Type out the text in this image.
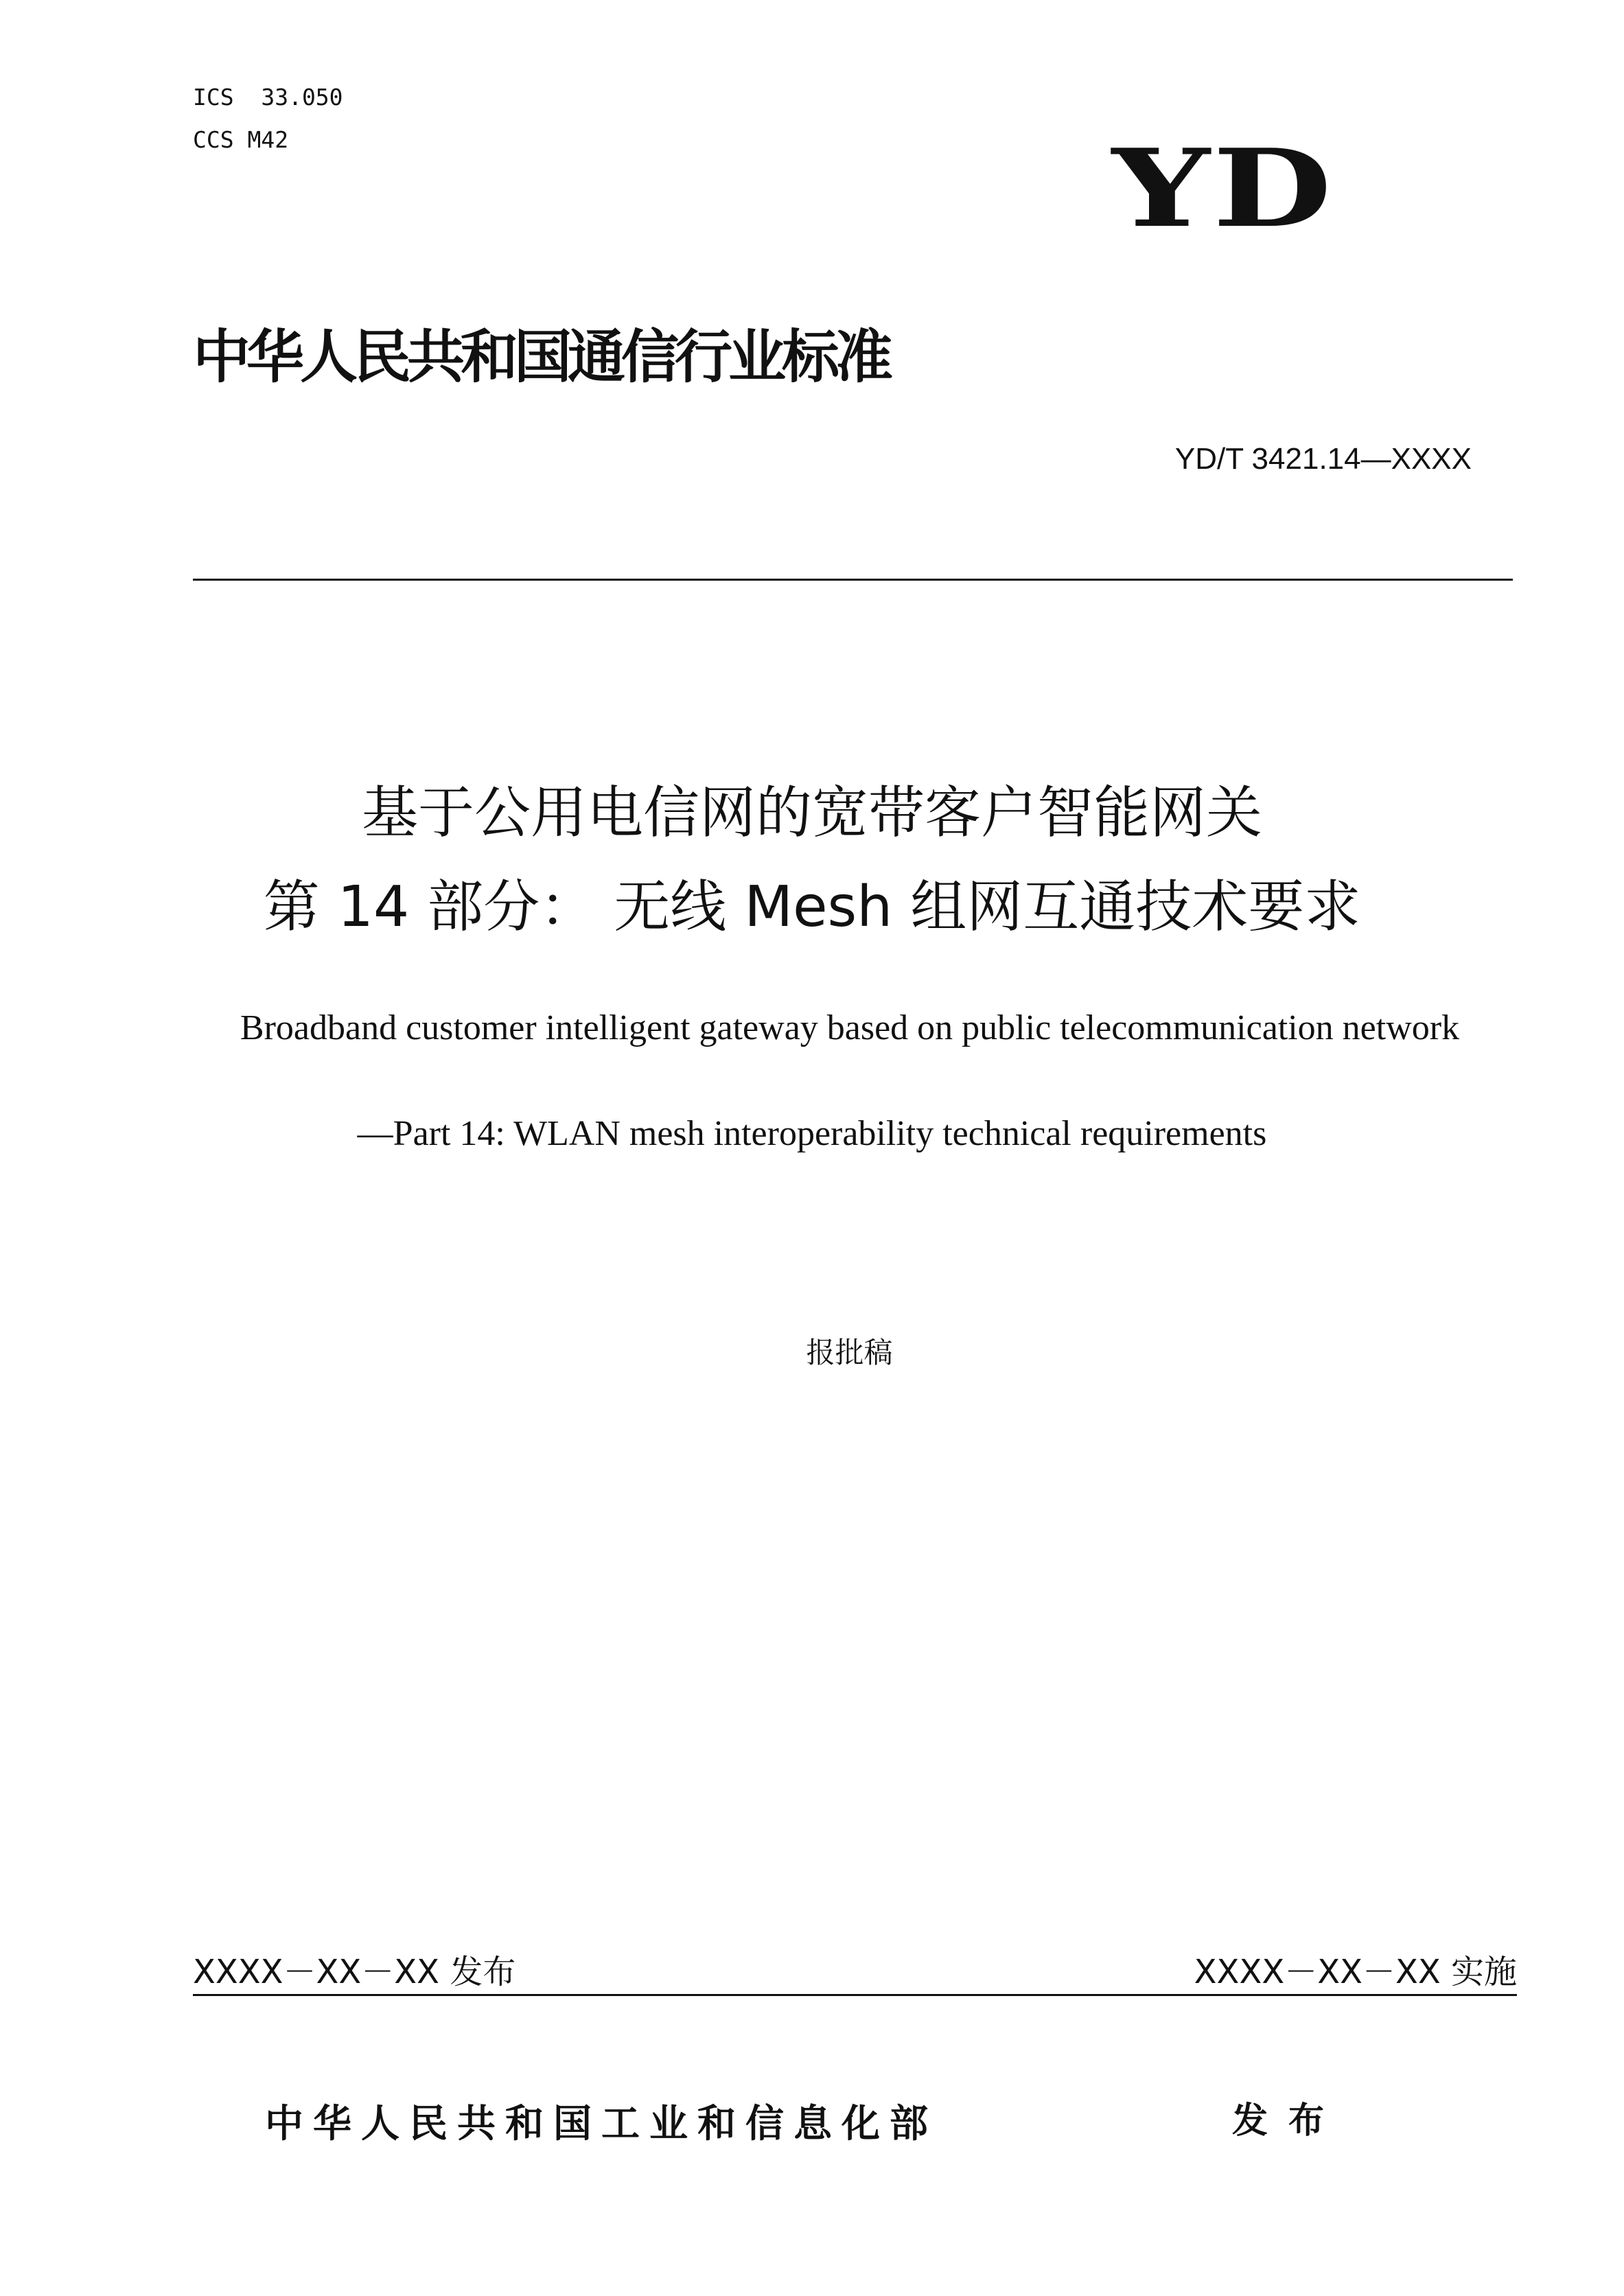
ICS  33.050
CCS M42	YD
中华人民共和国通信行业标准
YD/T 3421.14—XXXX
基于公用电信网的宽带客户智能网关
第 14 部分： 无线 Mesh 组网互通技术要求
Broadband customer intelligent gateway based on public telecommunication network
—Part 14: WLAN mesh interoperability technical requirements
报批稿
XXXX－XX－XX 发布	XXXX－XX－XX 实施
中华人民共和国工业和信息化部	发布
